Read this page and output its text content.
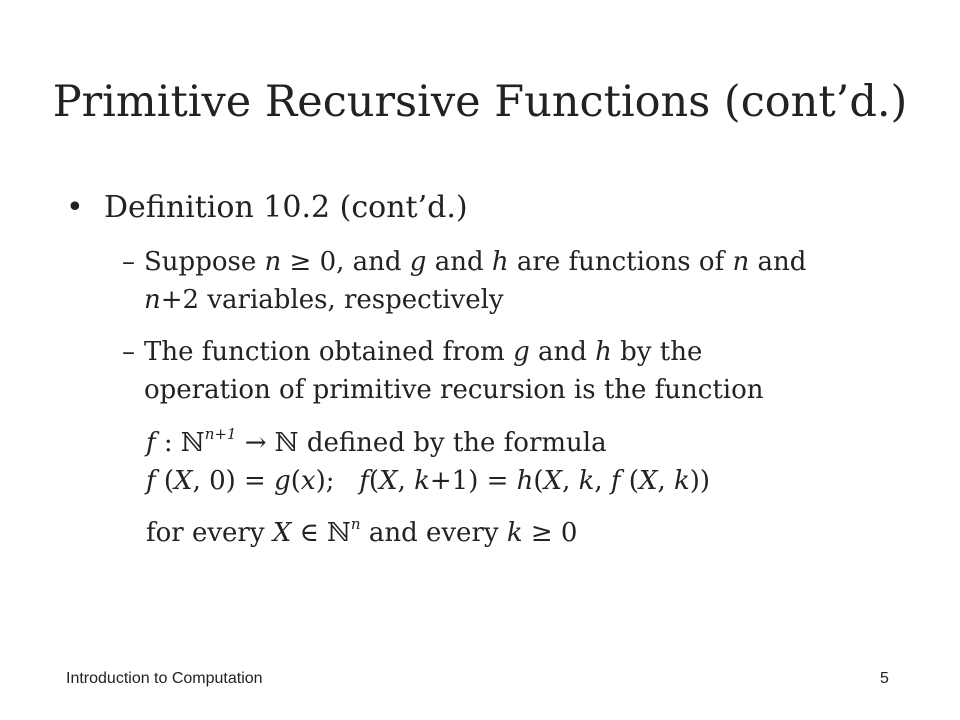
Primitive Recursive Functions (cont’d.)
• Definition 10.2 (cont’d.)
– Suppose n ≥ 0, and g and h are functions of n and
n+2 variables, respectively
– The function obtained from g and h by the
operation of primitive recursion is the function
f : ℕ$^{n+1}$ → ℕ defined by the formula
f (X, 0) = g(x);   f(X, k+1) = h(X, k, f (X, k))
for every X ∈ ℕ$^n$ and every k ≥ 0
Introduction to Computation	5
